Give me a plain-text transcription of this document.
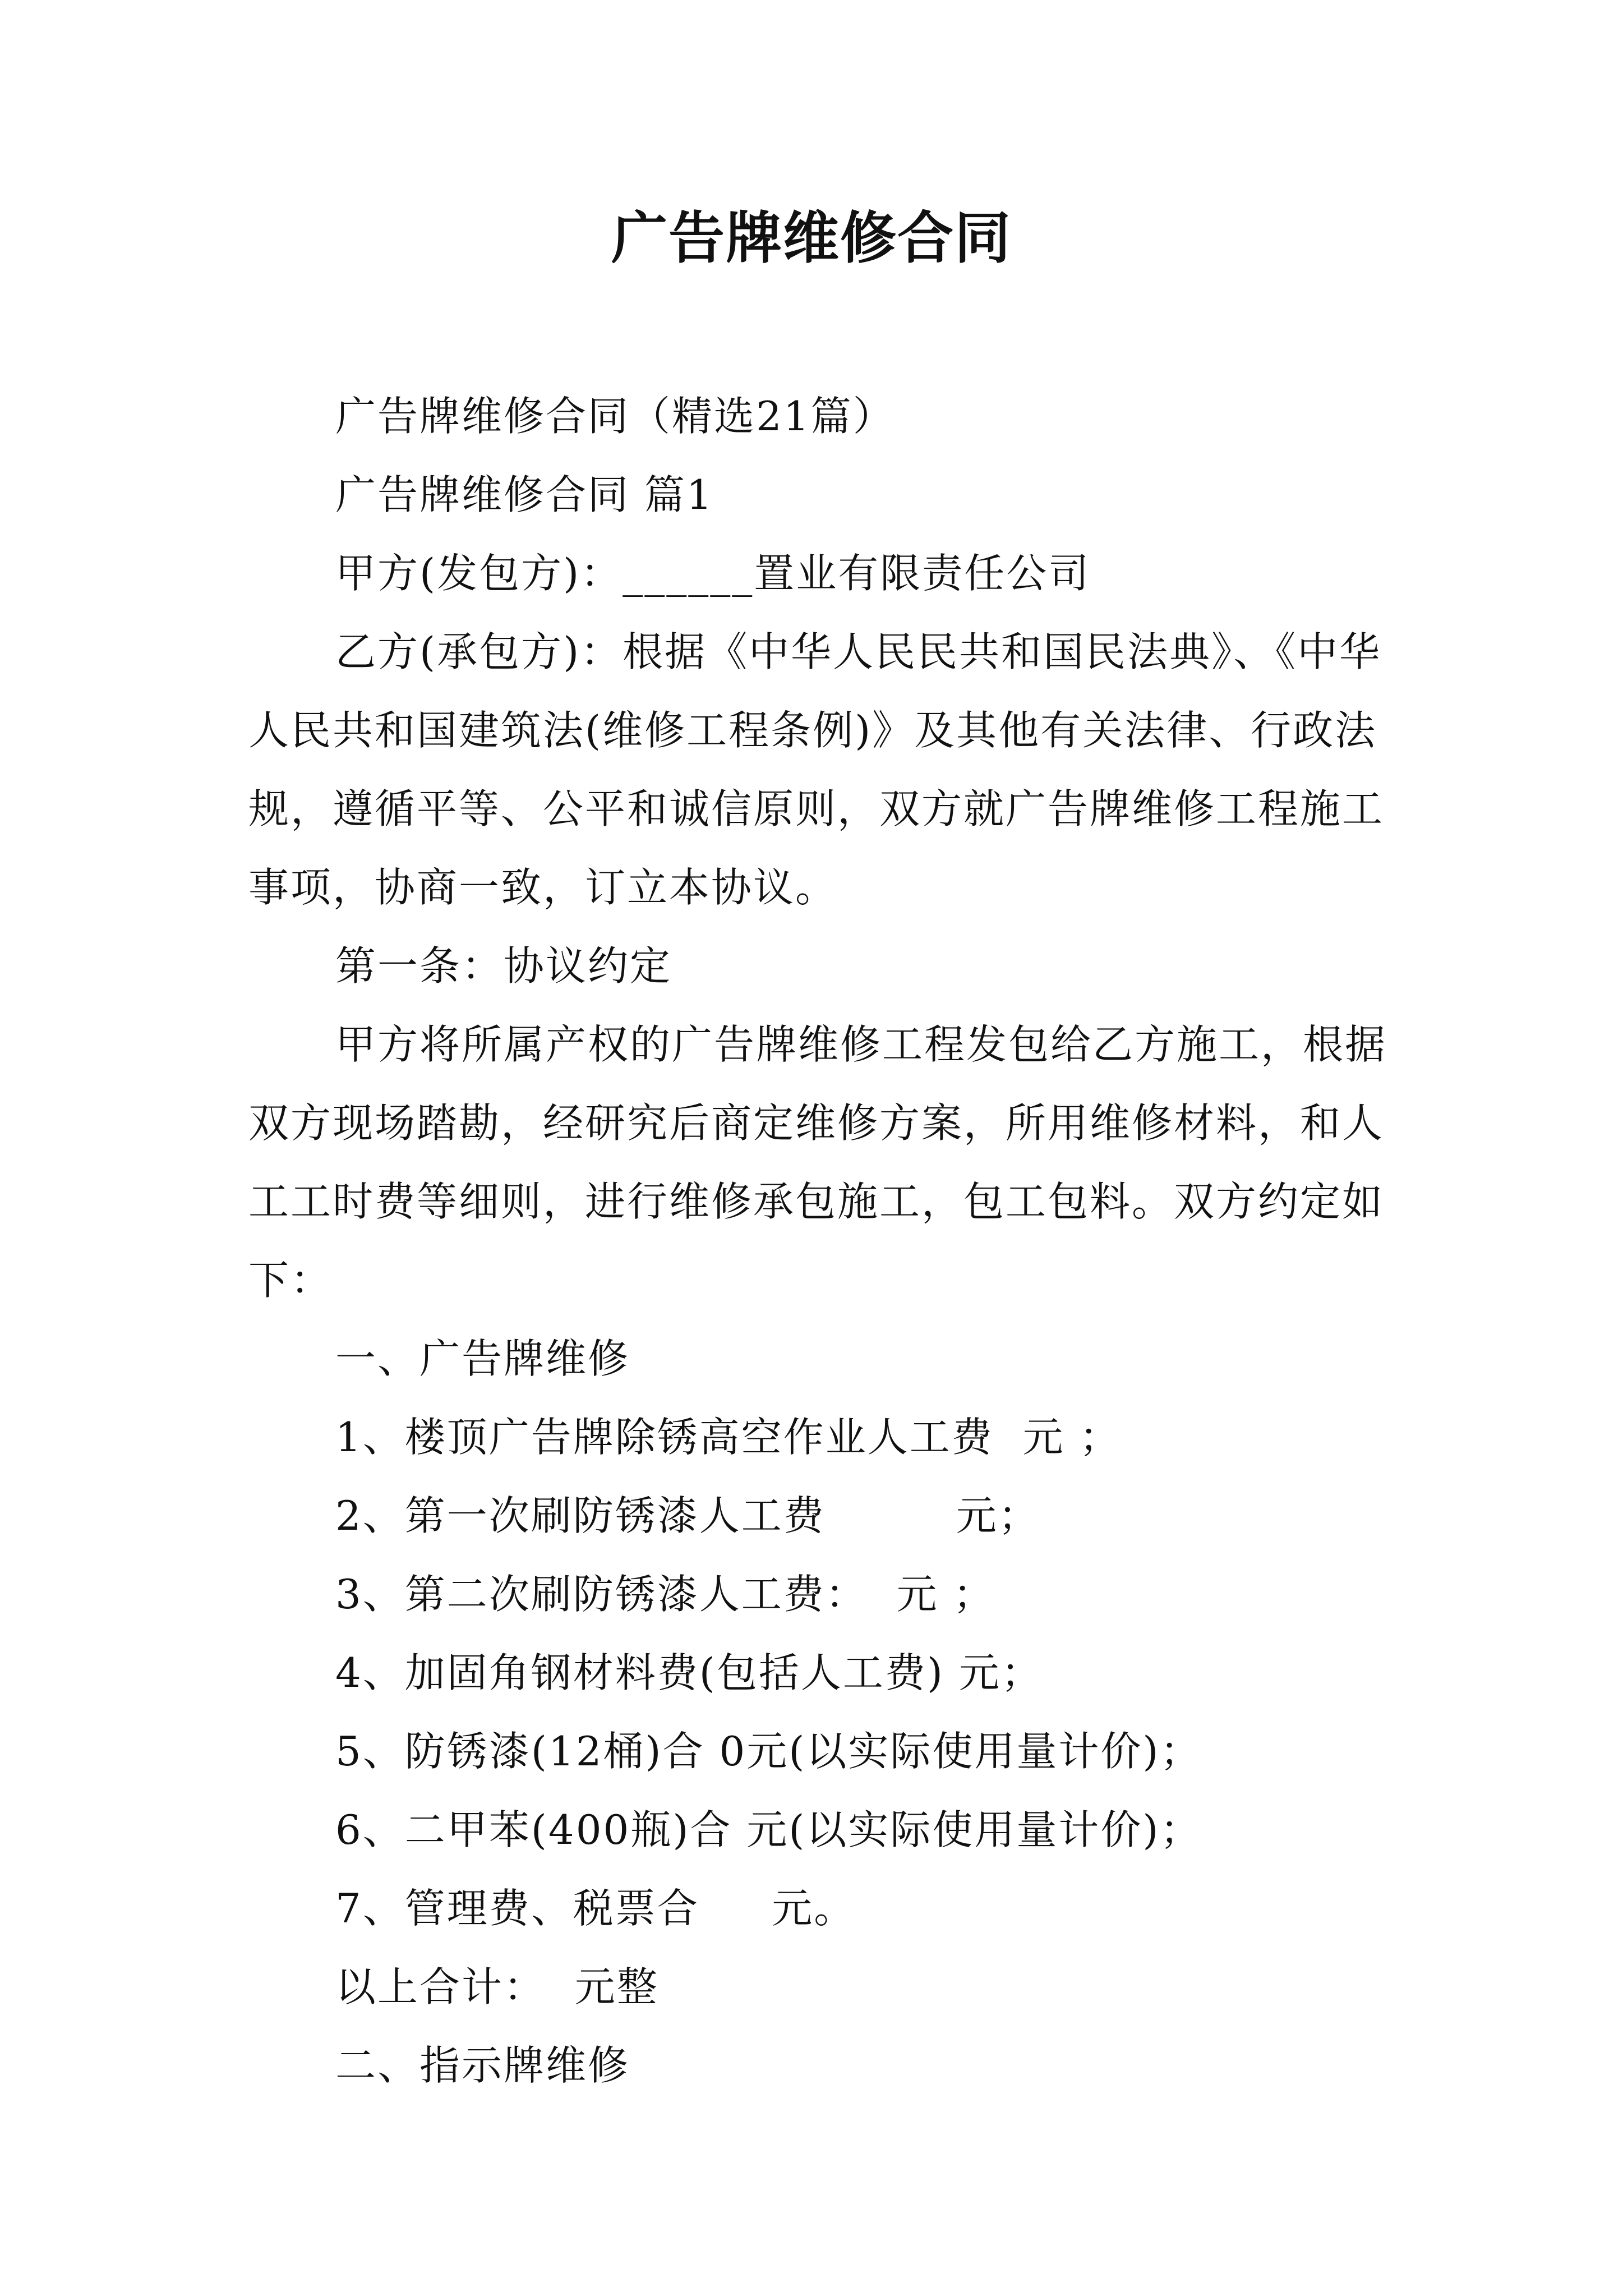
广告牌维修合同

广告牌维修合同（精选21篇）

广告牌维修合同 篇1

甲方(发包方)：______置业有限责任公司

乙方(承包方)：根据《中华人民民共和国民法典》、《中华人民共和国建筑法(维修工程条例)》及其他有关法律、行政法规，遵循平等、公平和诚信原则，双方就广告牌维修工程施工事项，协商一致，订立本协议。

第一条：协议约定

甲方将所属产权的广告牌维修工程发包给乙方施工，根据双方现场踏勘，经研究后商定维修方案，所用维修材料，和人工工时费等细则，进行维修承包施工，包工包料。双方约定如下：

一、广告牌维修

1、楼顶广告牌除锈高空作业人工费  元 ；

2、第一次刷防锈漆人工费         元；

3、第二次刷防锈漆人工费：  元 ；

4、加固角钢材料费(包括人工费) 元；

5、防锈漆(12桶)合 0元(以实际使用量计价)；

6、二甲苯(400瓶)合 元(以实际使用量计价)；

7、管理费、税票合     元。

以上合计：  元整

二、指示牌维修
